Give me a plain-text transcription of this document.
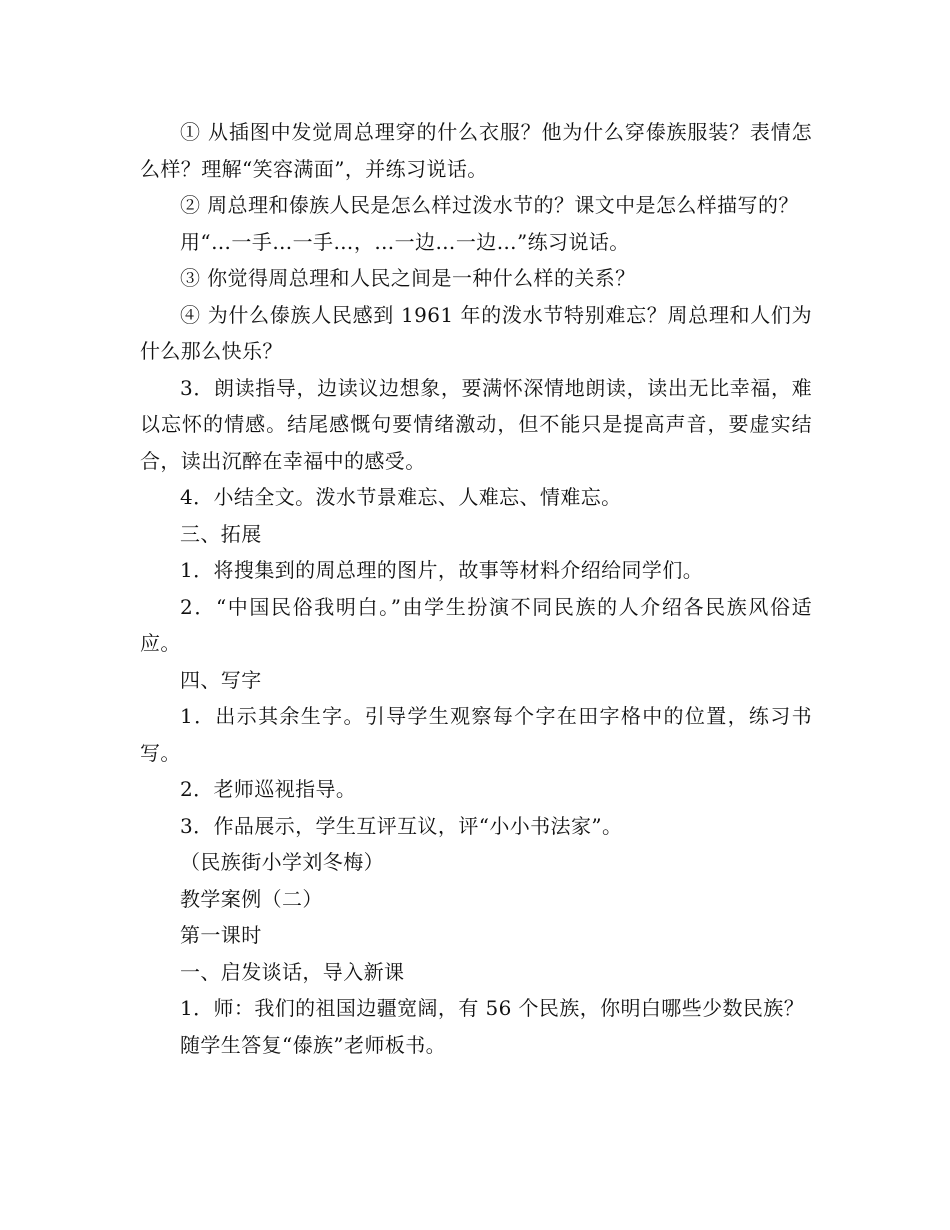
① 从插图中发觉周总理穿的什么衣服？他为什么穿傣族服装？表情怎么样？理解“笑容满面”，并练习说话。

② 周总理和傣族人民是怎么样过泼水节的？课文中是怎么样描写的？

用“…一手…一手…，…一边…一边…”练习说话。

③ 你觉得周总理和人民之间是一种什么样的关系？

④ 为什么傣族人民感到 1961 年的泼水节特别难忘？周总理和人们为什么那么快乐？

3．朗读指导，边读议边想象，要满怀深情地朗读，读出无比幸福，难以忘怀的情感。结尾感慨句要情绪激动，但不能只是提高声音，要虚实结合，读出沉醉在幸福中的感受。

4．小结全文。泼水节景难忘、人难忘、情难忘。

三、拓展

1．将搜集到的周总理的图片，故事等材料介绍给同学们。

2．“中国民俗我明白。”由学生扮演不同民族的人介绍各民族风俗适应。

四、写字

1．出示其余生字。引导学生观察每个字在田字格中的位置，练习书写。

2．老师巡视指导。

3．作品展示，学生互评互议，评“小小书法家”。

（民族街小学刘冬梅）

教学案例（二）

第一课时

一、启发谈话，导入新课

1．师：我们的祖国边疆宽阔，有 56 个民族，你明白哪些少数民族？

随学生答复“傣族”老师板书。
